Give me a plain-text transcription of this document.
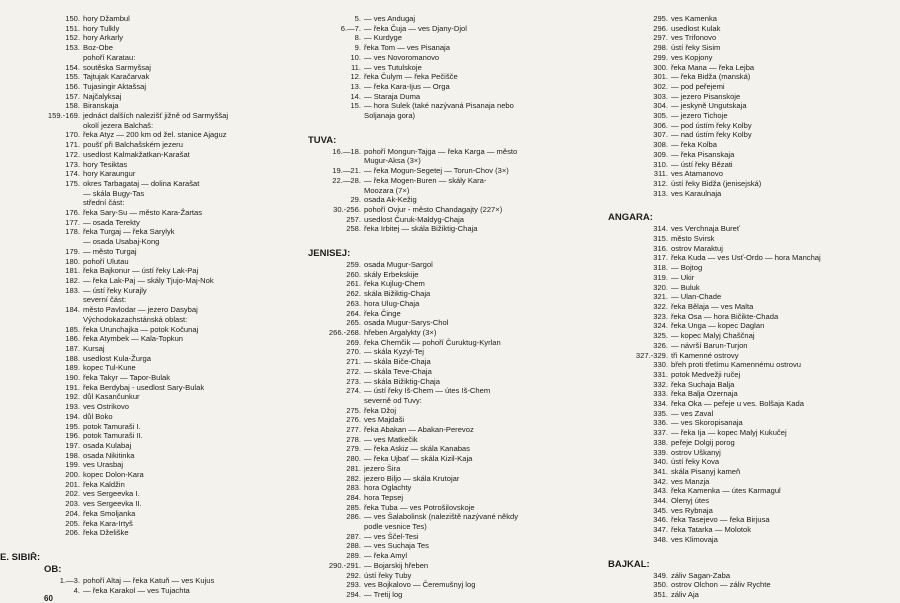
150. hory Džambul
151. hory Tulkly
152. hory Arkarly
153. Boz-Obe
pohoří Karatau:
154. soutěska Sarmyšsaj
155. Tajtujak Karačarvak
156. Tujasingir Aktašsaj
157. Najčalyksaj
158. Biranskaja
159.-169. jednáct dalších nalezišť jižně od Sarmyššaj
okolí jezera Balchaš:
170. řeka Atyz — 200 km od žel. stanice Ajaguz
171. poušť při Balchašském jezeru
172. usedlost Kalmakžatkan-Karašat
173. hory Tesiktas
174. hory Karaungur
175. okres Tarbagataj — dolina Karašat
— skála Bugy-Tas
střední část:
176. řeka Sary-Su — město Kara-Žartas
177. — osada Terekty
178. řeka Turgaj — řeka Sarylyk
— osada Usabaj-Kong
179. — město Turgaj
180. pohoří Ulutau
181. řeka Bajkonur — ústí řeky Lak-Paj
182. — řeka Lak-Paj — skály Tjujo-Maj-Nok
183. — ústí řeky Kurajly
severní část:
184. město Pavlodar — jezero Dasybaj
Východokazachstánská oblast:
185. řeka Urunchajka — potok Kočunaj
186. řeka Atymbek — Kala-Topkun
187. Kursaj
188. usedlost Kula-Žurga
189. kopec Tul-Kune
190. řeka Takyr — Tapor-Bulak
191. řeka Berdybaj - usedlost Sary-Bulak
192. důl Kasančunkur
193. ves Ostrikovo
194. důl Boko
195. potok Tamuraši I.
196. potok Tamuraši II.
197. osada Kulabaj
198. osada Nikitinka
199. ves Urasbaj
200. kopec Dolon-Kara
201. řeka Kaldžin
202. ves Sergeevka I.
203. ves Sergeevka II.
204. řeka Smoljanka
205. řeka Kara-Irtyš
206. řeka Dželiške
E. SIBIŘ:
OB:
1.—3. pohoří Altaj — řeka Katuň — ves Kujus
4. — řeka Karakol — ves Tujachta
5. — ves Andugaj
6.—7. — řeka Čuja — ves Djany-Djol
8. — Kurdyge
9. řeka Tom — ves Pisanaja
10. — ves Novoromanovo
11. — ves Tutulskoje
12. řeka Čulym — řeka Pečišče
13. — řeka Kara-Ijus — Orga
14. — Staraja Duma
15. — hora Sulek (také nazývaná Pisanaja nebo
Soljanaja gora)
TUVA:
16.—18. pohoří Mongun-Tajga — řeka Karga — město
Mugur-Aksa (3×)
19.—21. — řeka Mogun-Segetej — Torun-Chov (3×)
22.—28. — řeka Mogen-Buren — skály Kara-
Moozara (7×)
29. osada Ak-Kežig
30.-256. pohoří Ovjur - město Chandagajty (227×)
257. usedlost Čuruk-Maldyg-Chaja
258. řeka Irbitej — skála Bižiktig-Chaja
JENISEJ:
259. osada Mugur-Sargol
260. skály Erbekskije
261. řeka Kujlug-Chem
262. skála Bižiktig-Chaja
263. hora Ulug-Chaja
264. řeka Činge
265. osada Mugur-Sarys-Chol
266.-268. hřeben Argalykty (3×)
269. řeka Chemčik — pohoří Čuruktug-Kyrlan
270. — skála Kyzyl-Tej
271. — skála Biče-Chaja
272. — skála Teve-Chaja
273. — skála Bižiktig-Chaja
274. — ústí řeky Iš-Chem — útes Iš-Chem
severně od Tuvy:
275. řeka Džoj
276. ves Majdaši
277. řeka Abakan — Abakan-Perevoz
278. — ves Matkečik
279. — řeka Askiz — skála Kanabas
280. — řeka Ujbať — skála Kizil-Kaja
281. jezero Šira
282. jezero Biljo — skála Krutojar
283. hora Oglachty
284. hora Tepsej
285. řeka Tuba — ves Potrošilovskoje
286. — ves Šalabolinsk (naleziště nazývané někdy
podle vesnice Tes)
287. — ves Ščel-Tesi
288. — ves Suchaja Tes
289. — řeka Amyl
290.-291. — Bojarskij hřeben
292. ústí řeky Tuby
293. ves Bojkalovo — Čeremušnyj log
294. — Tretij log
295. ves Kamenka
296. usedlost Kulak
297. ves Trifonovo
298. ústí řeky Sisim
299. ves Kopjony
300. řeka Mana — řeka Lejba
301. — řeka Bidža (manská)
302. — pod peřejemi
303. — jezero Pisanskoje
304. — jeskyně Ungutskaja
305. — jezero Tichoje
306. — pod ústím řeky Kolby
307. — nad ústím řeky Kolby
308. — řeka Kolba
309. — řeka Pisanskaja
310. — ústí řeky Bězati
311. ves Atamanovo
312. ústí řeky Bidža (jenisejská)
313. ves Karaulnaja
ANGARA:
314. ves Verchnaja Bureť
315. město Svirsk
316. ostrov Maraktuj
317. řeka Kuda — ves Usť-Ordo — hora Manchaj
318. — Bojtog
319. — Ukir
320. — Buluk
321. — Ulan-Chade
322. řeka Bělaja — ves Malta
323. řeka Osa — hora Bičikte-Chada
324. řeka Unga — kopec Daglan
325. — kopec Malyj Chaščnaj
326. — návrší Barun-Turjon
327.-329. tři Kamenné ostrovy
330. břeh proti třetímu Kamennému ostrovu
331. potok Medvežji ručej
332. řeka Suchaja Balja
333. řeka Balja Ozernaja
334. řeka Oka — peřeje u ves. Bolšaja Kada
335. — ves Zaval
336. — ves Skoropisanaja
337. — řeka Ija — kopec Malyj Kukučej
338. peřeje Dolgij porog
339. ostrov Uškanyj
340. ústí řeky Kova
341. skála Pisanyj kameň
342. ves Manzja
343. řeka Kamenka — útes Karmagul
344. Olenyj útes
345. ves Rybnaja
346. řeka Tasejevo — řeka Birjusa
347. řeka Tatarka — Molotok
348. ves Klimovaja
BAJKAL:
349. záliv Sagan-Zaba
350. ostrov Olchon — záliv Rychte
351. záliv Aja
60
